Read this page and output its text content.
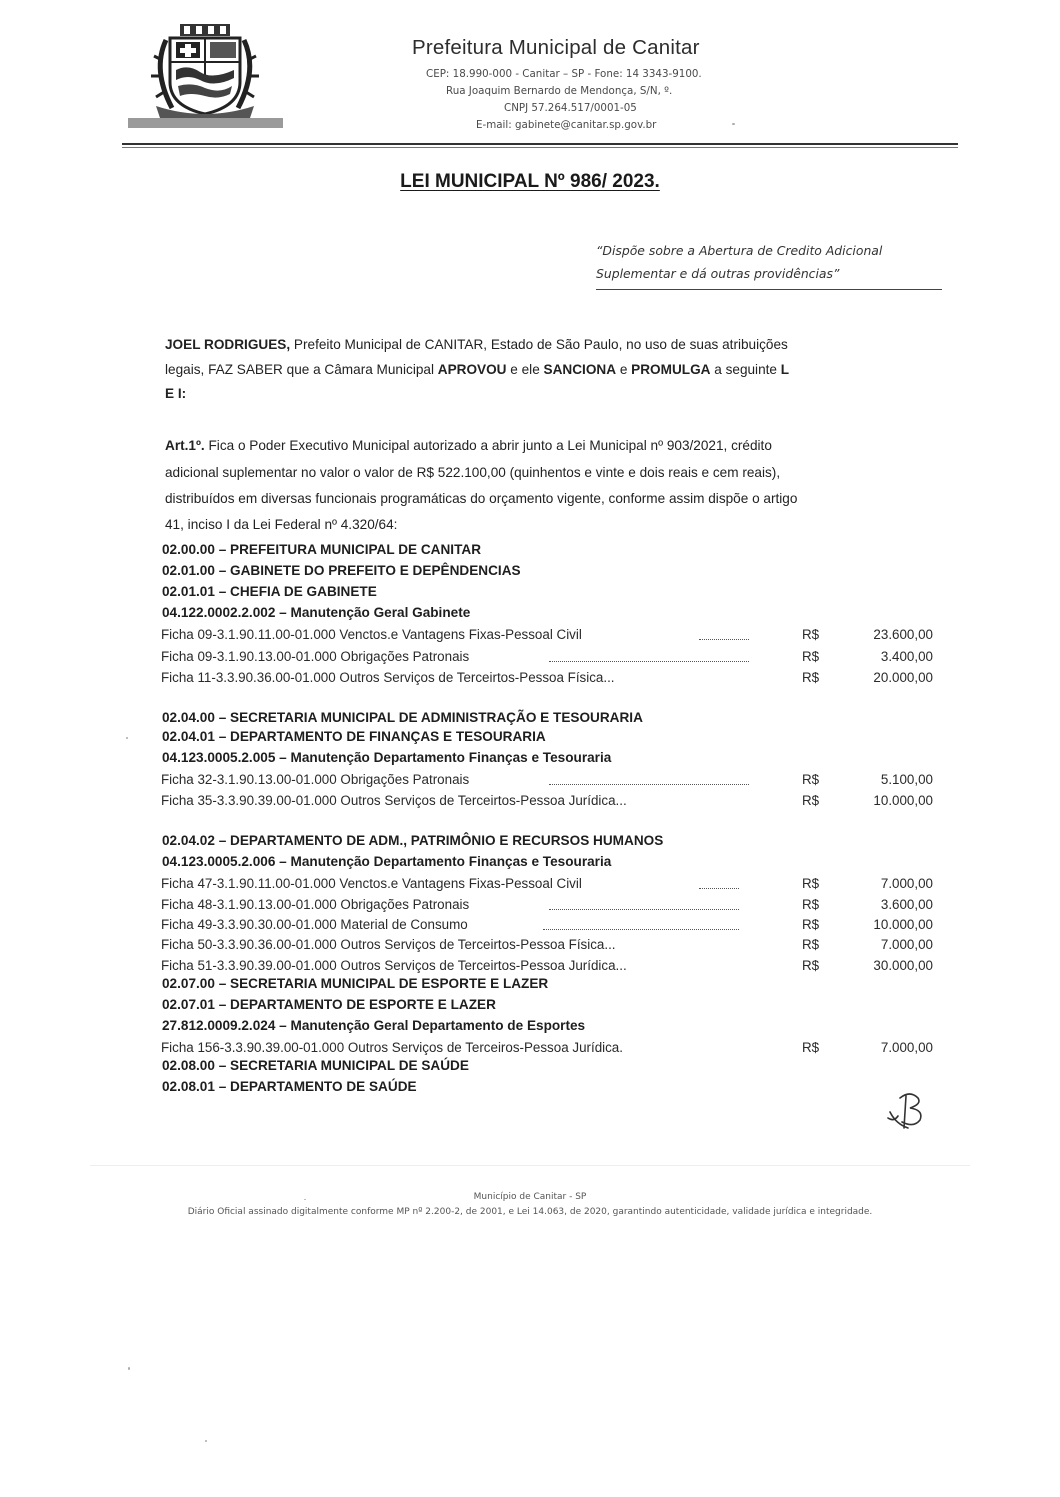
Prefeitura Municipal de Canitar
CEP: 18.990-000 - Canitar – SP - Fone: 14 3343-9100.
Rua Joaquim Bernardo de Mendonça, S/N, º.
CNPJ 57.264.517/0001-05
E-mail: gabinete@canitar.sp.gov.br
LEI MUNICIPAL Nº 986/ 2023.
“Dispõe sobre a Abertura de Credito Adicional
Suplementar e dá outras providências”
JOEL RODRIGUES, Prefeito Municipal de CANITAR, Estado de São Paulo, no uso de suas atribuições
legais, FAZ SABER que a Câmara Municipal APROVOU e ele SANCIONA e PROMULGA a seguinte L
E I:
Art.1º. Fica o Poder Executivo Municipal autorizado a abrir junto a Lei Municipal nº 903/2021, crédito
adicional suplementar no valor o valor de R$ 522.100,00 (quinhentos e vinte e dois reais e cem reais),
distribuídos em diversas funcionais programáticas do orçamento vigente, conforme assim dispõe o artigo
41, inciso I da Lei Federal nº 4.320/64:
02.00.00 – PREFEITURA MUNICIPAL DE CANITAR
02.01.00 – GABINETE DO PREFEITO E DEPÊNDENCIAS
02.01.01 – CHEFIA DE GABINETE
04.122.0002.2.002 – Manutenção Geral Gabinete
Ficha 09-3.1.90.11.00-01.000 Venctos.e Vantagens Fixas-Pessoal Civil	R$	23.600,00
Ficha 09-3.1.90.13.00-01.000 Obrigações Patronais	R$	3.400,00
Ficha 11-3.3.90.36.00-01.000 Outros Serviços de Terceirtos-Pessoa Física...	R$	20.000,00
02.04.00 – SECRETARIA MUNICIPAL DE ADMINISTRAÇÃO E TESOURARIA
02.04.01 – DEPARTAMENTO DE FINANÇAS E TESOURARIA
04.123.0005.2.005 – Manutenção Departamento Finanças e Tesouraria
Ficha 32-3.1.90.13.00-01.000 Obrigações Patronais	R$	5.100,00
Ficha 35-3.3.90.39.00-01.000 Outros Serviços de Terceirtos-Pessoa Jurídica...	R$	10.000,00
02.04.02 – DEPARTAMENTO DE ADM., PATRIMÔNIO E RECURSOS HUMANOS
04.123.0005.2.006 – Manutenção Departamento Finanças e Tesouraria
Ficha 47-3.1.90.11.00-01.000 Venctos.e Vantagens Fixas-Pessoal Civil	R$	7.000,00
Ficha 48-3.1.90.13.00-01.000 Obrigações Patronais	R$	3.600,00
Ficha 49-3.3.90.30.00-01.000 Material de Consumo	R$	10.000,00
Ficha 50-3.3.90.36.00-01.000 Outros Serviços de Terceirtos-Pessoa Física...	R$	7.000,00
Ficha 51-3.3.90.39.00-01.000 Outros Serviços de Terceirtos-Pessoa Jurídica...	R$	30.000,00
02.07.00 – SECRETARIA MUNICIPAL DE ESPORTE E LAZER
02.07.01 – DEPARTAMENTO DE ESPORTE E LAZER
27.812.0009.2.024 – Manutenção Geral Departamento de Esportes
Ficha 156-3.3.90.39.00-01.000 Outros Serviços de Terceiros-Pessoa Jurídica.	R$	7.000,00
02.08.00 – SECRETARIA MUNICIPAL DE SAÚDE
02.08.01 – DEPARTAMENTO DE SAÚDE
Município de Canitar - SP
Diário Oficial assinado digitalmente conforme MP nº 2.200-2, de 2001, e Lei 14.063, de 2020, garantindo autenticidade, validade jurídica e integridade.
